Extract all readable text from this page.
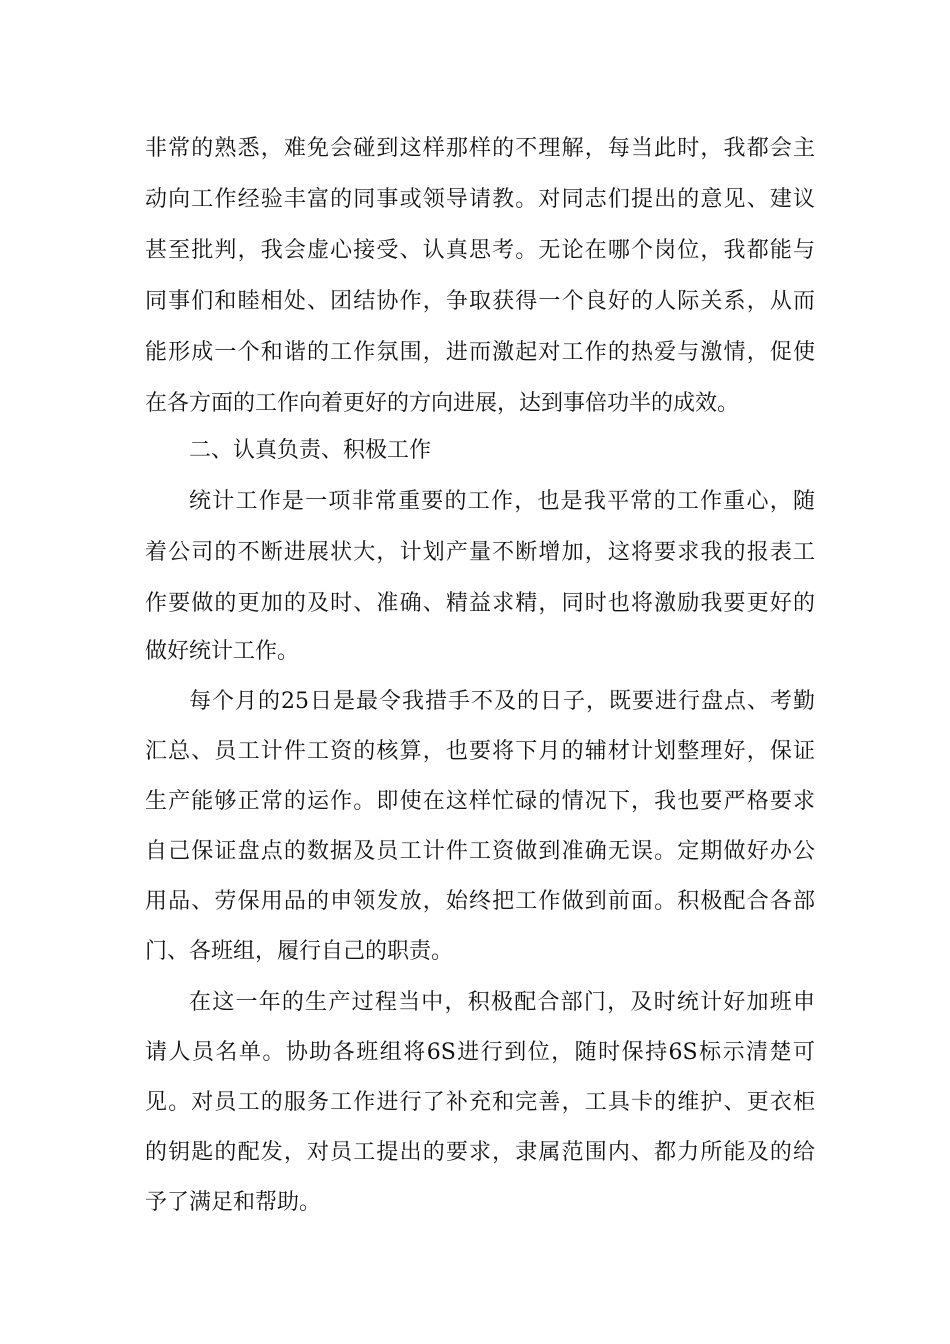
非常的熟悉，难免会碰到这样那样的不理解，每当此时，我都会主
动向工作经验丰富的同事或领导请教。对同志们提出的意见、建议
甚至批判，我会虚心接受、认真思考。无论在哪个岗位，我都能与
同事们和睦相处、团结协作，争取获得一个良好的人际关系，从而
能形成一个和谐的工作氛围，进而激起对工作的热爱与激情，促使
在各方面的工作向着更好的方向进展，达到事倍功半的成效。
二、认真负责、积极工作
统计工作是一项非常重要的工作，也是我平常的工作重心，随
着公司的不断进展状大，计划产量不断增加，这将要求我的报表工
作要做的更加的及时、准确、精益求精，同时也将激励我要更好的
做好统计工作。
每个月的25日是最令我措手不及的日子，既要进行盘点、考勤
汇总、员工计件工资的核算，也要将下月的辅材计划整理好，保证
生产能够正常的运作。即使在这样忙碌的情况下，我也要严格要求
自己保证盘点的数据及员工计件工资做到准确无误。定期做好办公
用品、劳保用品的申领发放，始终把工作做到前面。积极配合各部
门、各班组，履行自己的职责。
在这一年的生产过程当中，积极配合部门，及时统计好加班申
请人员名单。协助各班组将6S进行到位，随时保持6S标示清楚可
见。对员工的服务工作进行了补充和完善，工具卡的维护、更衣柜
的钥匙的配发，对员工提出的要求，隶属范围内、都力所能及的给
予了满足和帮助。
